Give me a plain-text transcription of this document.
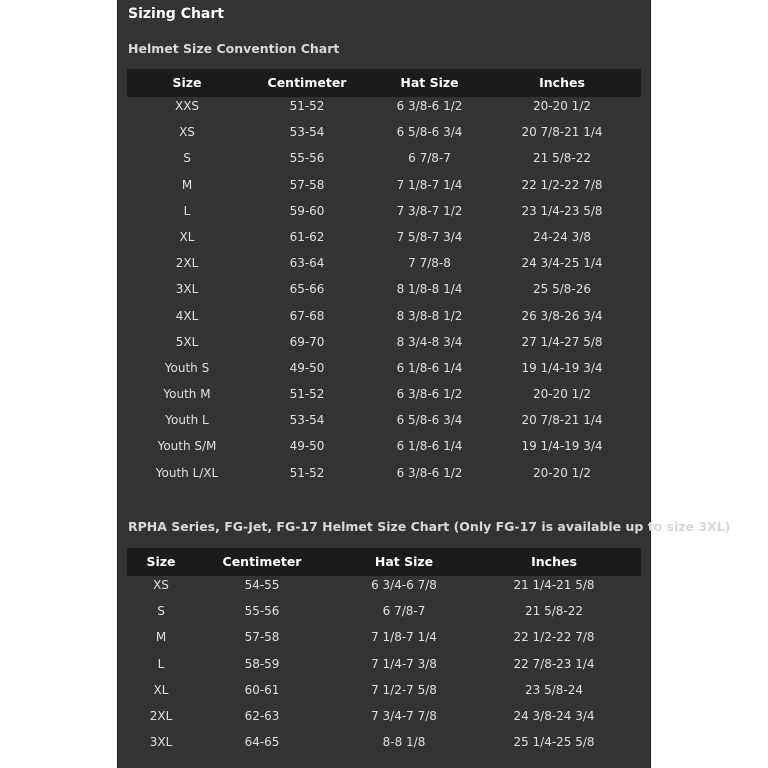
Sizing Chart
Helmet Size Convention Chart
Size	Centimeter	Hat Size	Inches
XXS	51-52	6 3/8-6 1/2	20-20 1/2
XS	53-54	6 5/8-6 3/4	20 7/8-21 1/4
S	55-56	6 7/8-7	21 5/8-22
M	57-58	7 1/8-7 1/4	22 1/2-22 7/8
L	59-60	7 3/8-7 1/2	23 1/4-23 5/8
XL	61-62	7 5/8-7 3/4	24-24 3/8
2XL	63-64	7 7/8-8	24 3/4-25 1/4
3XL	65-66	8 1/8-8 1/4	25 5/8-26
4XL	67-68	8 3/8-8 1/2	26 3/8-26 3/4
5XL	69-70	8 3/4-8 3/4	27 1/4-27 5/8
Youth S	49-50	6 1/8-6 1/4	19 1/4-19 3/4
Youth M	51-52	6 3/8-6 1/2	20-20 1/2
Youth L	53-54	6 5/8-6 3/4	20 7/8-21 1/4
Youth S/M	49-50	6 1/8-6 1/4	19 1/4-19 3/4
Youth L/XL	51-52	6 3/8-6 1/2	20-20 1/2
RPHA Series, FG-Jet, FG-17 Helmet Size Chart (Only FG-17 is available up to size 3XL)
Size	Centimeter	Hat Size	Inches
XS	54-55	6 3/4-6 7/8	21 1/4-21 5/8
S	55-56	6 7/8-7	21 5/8-22
M	57-58	7 1/8-7 1/4	22 1/2-22 7/8
L	58-59	7 1/4-7 3/8	22 7/8-23 1/4
XL	60-61	7 1/2-7 5/8	23 5/8-24
2XL	62-63	7 3/4-7 7/8	24 3/8-24 3/4
3XL	64-65	8-8 1/8	25 1/4-25 5/8
